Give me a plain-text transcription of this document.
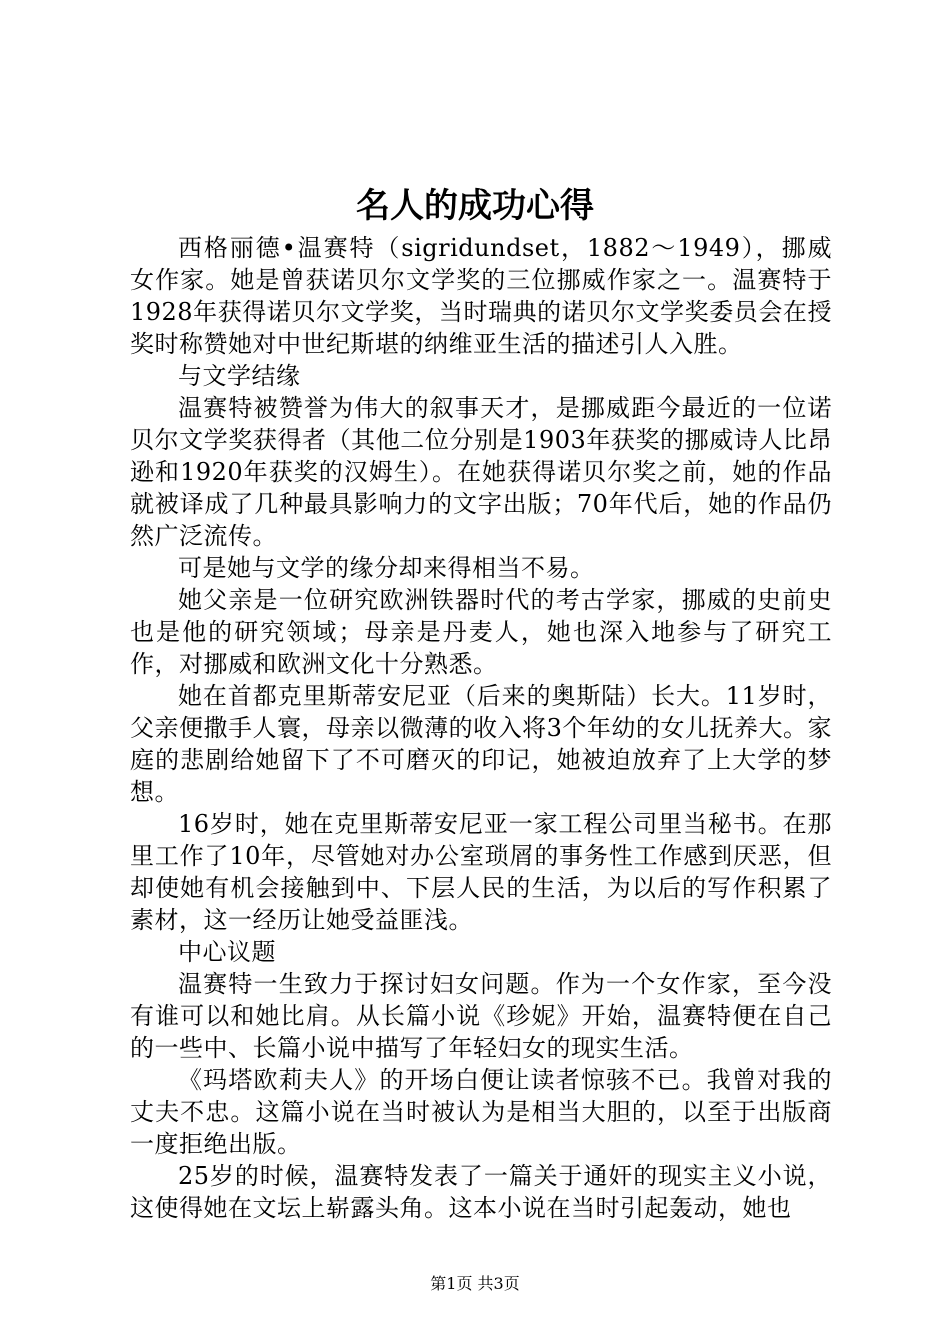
名人的成功心得

西格丽德•温赛特（sigridundset，1882～1949），挪威女作家。她是曾获诺贝尔文学奖的三位挪威作家之一。温赛特于1928年获得诺贝尔文学奖，当时瑞典的诺贝尔文学奖委员会在授奖时称赞她对中世纪斯堪的纳维亚生活的描述引人入胜。

与文学结缘

温赛特被赞誉为伟大的叙事天才，是挪威距今最近的一位诺贝尔文学奖获得者（其他二位分别是1903年获奖的挪威诗人比昂逊和1920年获奖的汉姆生）。在她获得诺贝尔奖之前，她的作品就被译成了几种最具影响力的文字出版；70年代后，她的作品仍然广泛流传。

可是她与文学的缘分却来得相当不易。

她父亲是一位研究欧洲铁器时代的考古学家，挪威的史前史也是他的研究领域；母亲是丹麦人，她也深入地参与了研究工作，对挪威和欧洲文化十分熟悉。

她在首都克里斯蒂安尼亚（后来的奥斯陆）长大。11岁时，父亲便撒手人寰，母亲以微薄的收入将3个年幼的女儿抚养大。家庭的悲剧给她留下了不可磨灭的印记，她被迫放弃了上大学的梦想。

16岁时，她在克里斯蒂安尼亚一家工程公司里当秘书。在那里工作了10年，尽管她对办公室琐屑的事务性工作感到厌恶，但却使她有机会接触到中、下层人民的生活，为以后的写作积累了素材，这一经历让她受益匪浅。

中心议题

温赛特一生致力于探讨妇女问题。作为一个女作家，至今没有谁可以和她比肩。从长篇小说《珍妮》开始，温赛特便在自己的一些中、长篇小说中描写了年轻妇女的现实生活。

《玛塔欧莉夫人》的开场白便让读者惊骇不已。我曾对我的丈夫不忠。这篇小说在当时被认为是相当大胆的，以至于出版商一度拒绝出版。

25岁的时候，温赛特发表了一篇关于通奸的现实主义小说，这使得她在文坛上崭露头角。这本小说在当时引起轰动，她也

第1页 共3页
